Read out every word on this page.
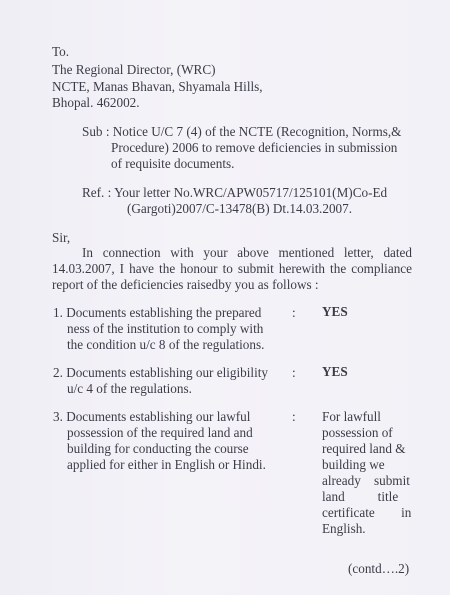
To.
The Regional Director, (WRC)
NCTE, Manas Bhavan, Shyamala Hills,
Bhopal. 462002.
Sub : Notice U/C 7 (4) of the NCTE (Recognition, Norms,&
Procedure) 2006 to remove deficiencies in submission
of requisite documents.
Ref. : Your letter No.WRC/APW05717/125101(M)Co-Ed
(Gargoti)2007/C-13478(B) Dt.14.03.2007.
Sir,
In connection with your above mentioned letter, dated
14.03.2007, I have the honour to submit herewith the compliance
report of the deficiencies raisedby you as follows :
1. Documents establishing the prepared
ness of the institution to comply with
the condition u/c 8 of the regulations.
: YES
2. Documents establishing our eligibility
u/c 4 of the regulations.
: YES
3. Documents establishing our lawful
possession of the required land and
building for conducting the course
applied for either in English or Hindi.
: For lawfull
possession of
required land &
building we
already    submit
land          title
certificate        in
English.
(contd….2)
